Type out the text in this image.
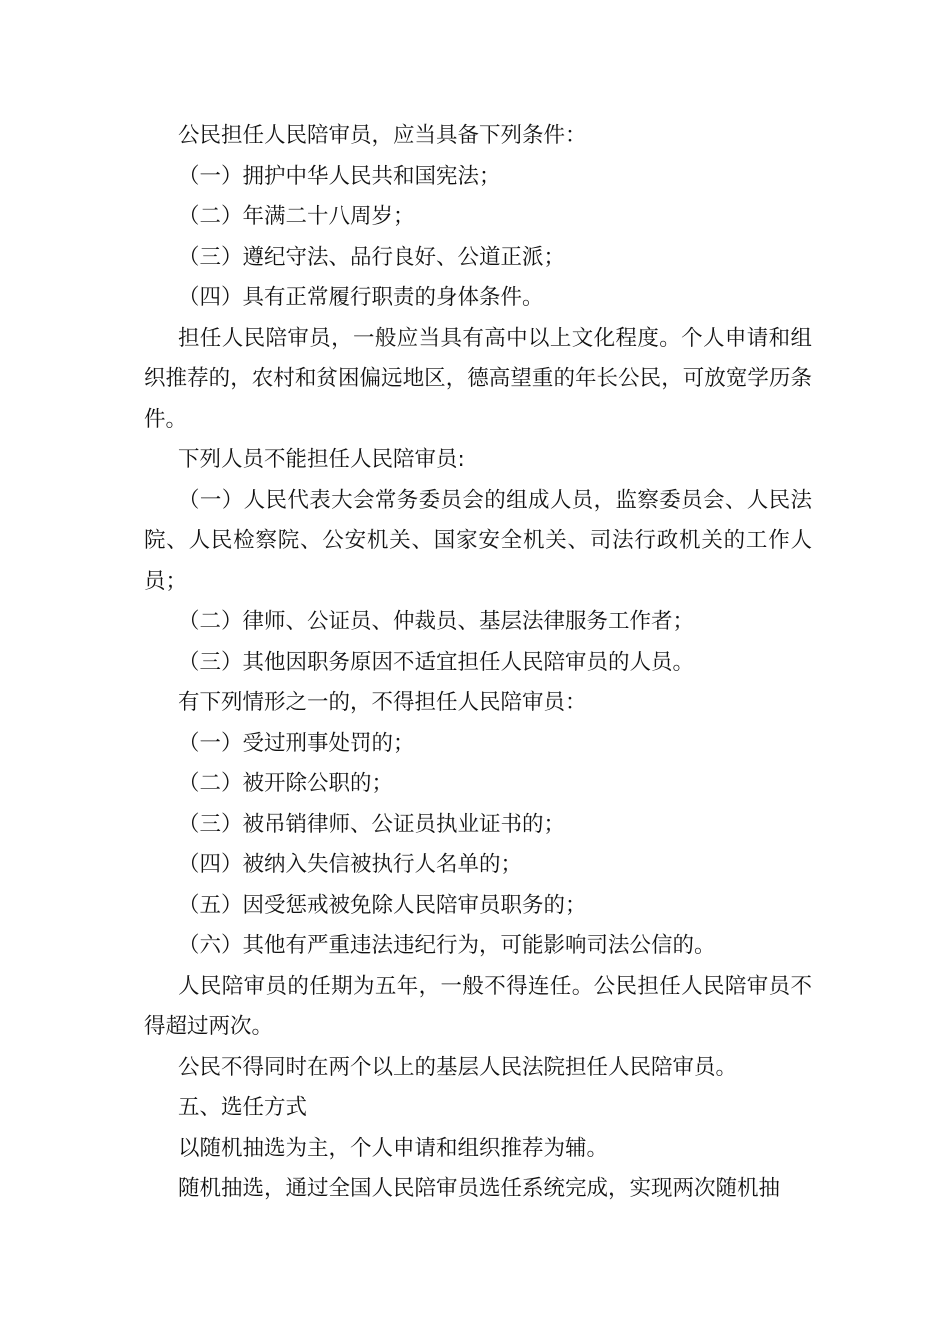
公民担任人民陪审员，应当具备下列条件：

（一）拥护中华人民共和国宪法；

（二）年满二十八周岁；

（三）遵纪守法、品行良好、公道正派；

（四）具有正常履行职责的身体条件。

担任人民陪审员，一般应当具有高中以上文化程度。个人申请和组织推荐的，农村和贫困偏远地区，德高望重的年长公民，可放宽学历条件。

下列人员不能担任人民陪审员:

（一）人民代表大会常务委员会的组成人员，监察委员会、人民法院、人民检察院、公安机关、国家安全机关、司法行政机关的工作人员；

（二）律师、公证员、仲裁员、基层法律服务工作者；

（三）其他因职务原因不适宜担任人民陪审员的人员。

有下列情形之一的，不得担任人民陪审员：

（一）受过刑事处罚的；

（二）被开除公职的；

（三）被吊销律师、公证员执业证书的；

（四）被纳入失信被执行人名单的；

（五）因受惩戒被免除人民陪审员职务的；

（六）其他有严重违法违纪行为，可能影响司法公信的。

人民陪审员的任期为五年，一般不得连任。公民担任人民陪审员不得超过两次。

公民不得同时在两个以上的基层人民法院担任人民陪审员。

五、选任方式

以随机抽选为主，个人申请和组织推荐为辅。

随机抽选，通过全国人民陪审员选任系统完成，实现两次随机抽
